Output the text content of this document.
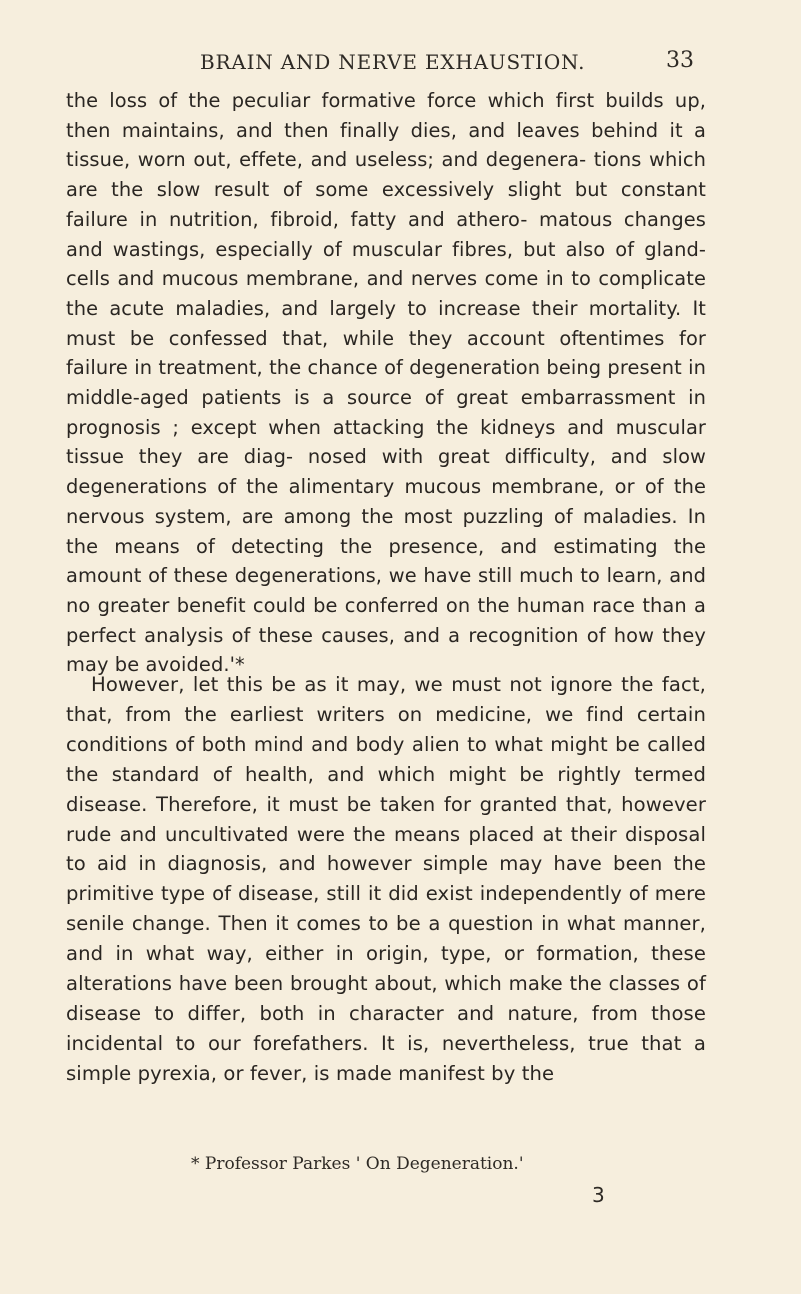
BRAIN AND NERVE EXHAUSTION.	33

the loss of the peculiar formative force which first builds up, then maintains, and then finally dies, and leaves behind it a tissue, worn out, effete, and useless; and degenera- tions which are the slow result of some excessively slight but constant failure in nutrition, fibroid, fatty and athero- matous changes and wastings, especially of muscular fibres, but also of gland-cells and mucous membrane, and nerves come in to complicate the acute maladies, and largely to increase their mortality. It must be confessed that, while they account oftentimes for failure in treatment, the chance of degeneration being present in middle-aged patients is a source of great embarrassment in prognosis ; except when attacking the kidneys and muscular tissue they are diag- nosed with great difficulty, and slow degenerations of the alimentary mucous membrane, or of the nervous system, are among the most puzzling of maladies. In the means of detecting the presence, and estimating the amount of these degenerations, we have still much to learn, and no greater benefit could be conferred on the human race than a perfect analysis of these causes, and a recognition of how they may be avoided.'*

However, let this be as it may, we must not ignore the fact, that, from the earliest writers on medicine, we find certain conditions of both mind and body alien to what might be called the standard of health, and which might be rightly termed disease. Therefore, it must be taken for granted that, however rude and uncultivated were the means placed at their disposal to aid in diagnosis, and however simple may have been the primitive type of disease, still it did exist independently of mere senile change. Then it comes to be a question in what manner, and in what way, either in origin, type, or formation, these alterations have been brought about, which make the classes of disease to differ, both in character and nature, from those incidental to our forefathers. It is, nevertheless, true that a simple pyrexia, or fever, is made manifest by the

* Professor Parkes ' On Degeneration.'
3
